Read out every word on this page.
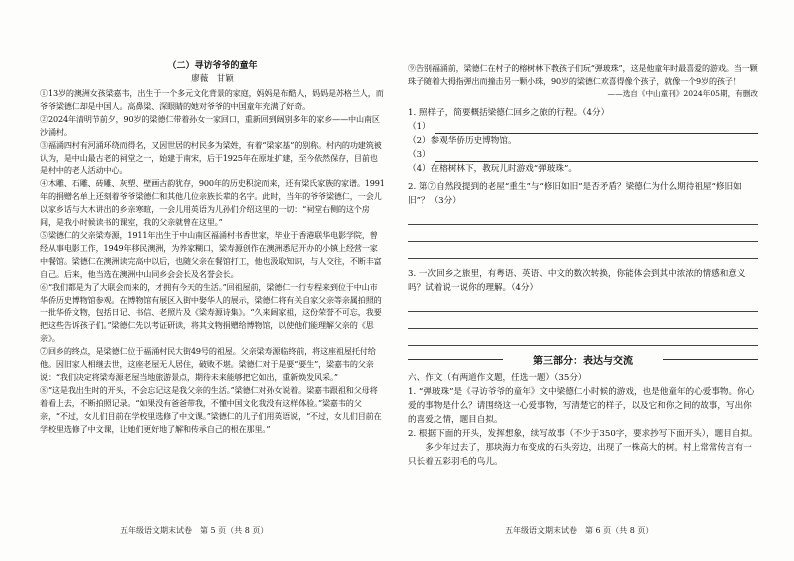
（二）寻访爷爷的童年

廖薇　甘颖

①13岁的澳洲女孩梁嘉韦，出生于一个多元文化背景的家庭，妈妈是布酷人，妈妈是苏格兰人，而爷爷梁德仁却是中国人。高鼻梁、深眼睛的她对爷爷的中国童年充满了好奇。

②2024年清明节前夕，90岁的梁德仁带着孙女一家回口，重新回到阔别多年的家乡——中山南区沙涌村。

③福涌四村有河涌环绕而得名，又因世居的村民多为梁姓，有着“梁家基”的别称。村内的功建筑被认为，是中山最古老的祠堂之一，始建于南宋，后于1925年在原址扩建，至今依然保存，目前也是村中的老人活动中心。

④木雕、石雕、砖雕、灰塑、壁画古韵犹存，900年的历史积淀而来，还有梁氏家族的家谱。1991年的捐赠名单上还刻着爷爷梁德仁和其他几位亲族长辈的名字。此时，当年的爷爷梁德仁，一会儿以家乡话与大木讲出的乡亲寒暄，一会儿用英语为儿孙们介绍这里的一切：“祠堂右侧的这个房间，是我小时候读书的课室，我的父亲就曾在这里。”

⑤梁德仁的父亲梁寿源，1911年出生于中山南区福涌村书香世家，毕业于香港联华电影学院，曾经从事电影工作，1949年移民澳洲，为养家糊口，梁寿源创作在澳洲悉尼开办的小镇上经营一家中餐馆。梁德仁在澳洲读完高中以后，也随父亲在餐馆打工，他也汲取知识，与人交往，不断丰富自己。后来，他当选在澳洲中山同乡会会长及名誉会长。

⑥“我们都是为了大联会而来的，才拥有今天的生活。”回祖屋前，梁德仁一行专程来到位于中山市华侨历史博物馆参观。在博物馆有展区入街中娶华人的展示，梁德仁将有关自家父亲等亲属拍照的一批华侨文物，包括日记、书信、老照片及《梁寿源诗集》。“久来阔家祖，这份荣誉不可忘，我要把这些告诉孩子们。”梁德仁先以考证研读，将其文物捐赠给博物馆，以使他们能理解父亲的《思亲》。

⑦回乡的终点，是梁德仁位于福涌村民大街49号的祖屋。父亲梁寿源临终前，将这座祖屋托付给他。因旧家人相继去世，这座老屋无人居住，破败不堪。梁德仁对于是要“要生”，梁嘉韦的父亲说：“我们决定将梁寿源老屋当地旅游景点，期待未来能够把它如出，重新焕发风采。”

⑧“这是我出生时的开头，不会忘记这是我父亲的生活。”梁德仁对孙女说着。梁嘉韦跟祖和父母将着看上去，不断拍照记录。“如果没有爸爸带我，不懂中国文化我没有这样体验。”梁嘉韦的父亲，“不过，女儿们目前在学校里选修了中文课。”梁德仁的儿子们用英语说，“不过，女儿们目前在学校里选修了中文课，让她们更好地了解和传承自己的根在那里。”

⑨告别福涌前，梁德仁在村子的榕树林下教孩子们玩“弹玻珠”，这是他童年时最喜爱的游戏。当一颗珠子随着大拇指弹出而撞击另一颗小珠，90岁的梁德仁欢喜得像个孩子，就像一个9岁的孩子！

——选自《中山童刊》2024年05期，有删改

1. 照样子，简要概括梁德仁回乡之旅的行程。（4分）

（1）
（2）参观华侨历史博物馆。
（3）
（4）在榕树林下，教玩儿时游戏“弹玻珠”。

2. 第⑦自然段提到的老屋“重生”与“修旧如旧”是否矛盾？梁德仁为什么期待祖屋“修旧如旧”？（3分）

3. 一次回乡之旅里，有粤语、英语、中文的数次转换，你能体会到其中浓浓的情感和意义吗？试着说一说你的理解。（4分）

第三部分：表达与交流

六、作文（有两道作文题，任选一题）（35分）

1. “弹玻珠”是《寻访爷爷的童年》文中梁德仁小时候的游戏，也是他童年的心爱事物。你心爱的事物是什么？请围绕这一心爱事物，写清楚它的样子，以及它和你之间的故事，写出你的喜爱之情，题目自拟。

2. 根据下面的开头，发挥想象，续写故事（不少于350字，要求抄写下面开头），题目自拟。

多少年过去了，那块海力布变成的石头旁边，出现了一株高大的树。村上常常传言有一只长着五彩羽毛的鸟儿。

五年级语文期末试卷　第 5 页（共 8 页）	五年级语文期末试卷　第 6 页（共 8 页）
